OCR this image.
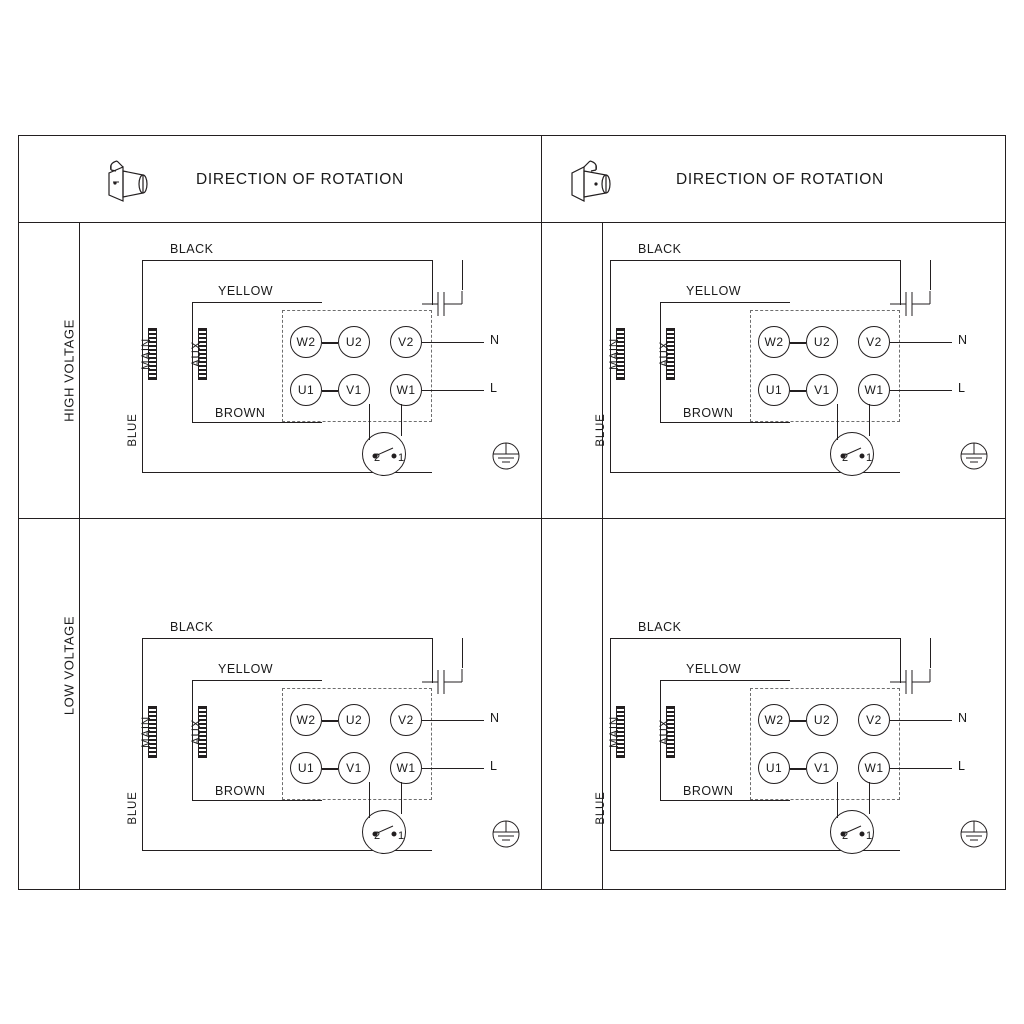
DIRECTION OF ROTATION	DIRECTION OF ROTATION
HIGH VOLTAGE
LOW VOLTAGE
MAIN	AUX
BLACK
YELLOW
BROWN
BLUE
W2	U2	V2
U1	V1	W1
N
L
2 1
MAIN	AUX
BLACK
YELLOW
BROWN
BLUE
W2	U2	V2
U1	V1	W1
N
L
2 1
MAIN	AUX
BLACK
YELLOW
BROWN
BLUE
W2	U2	V2
U1	V1	W1
N
L
2 1
MAIN	AUX
BLACK
YELLOW
BROWN
BLUE
W2	U2	V2
U1	V1	W1
N
L
2 1
